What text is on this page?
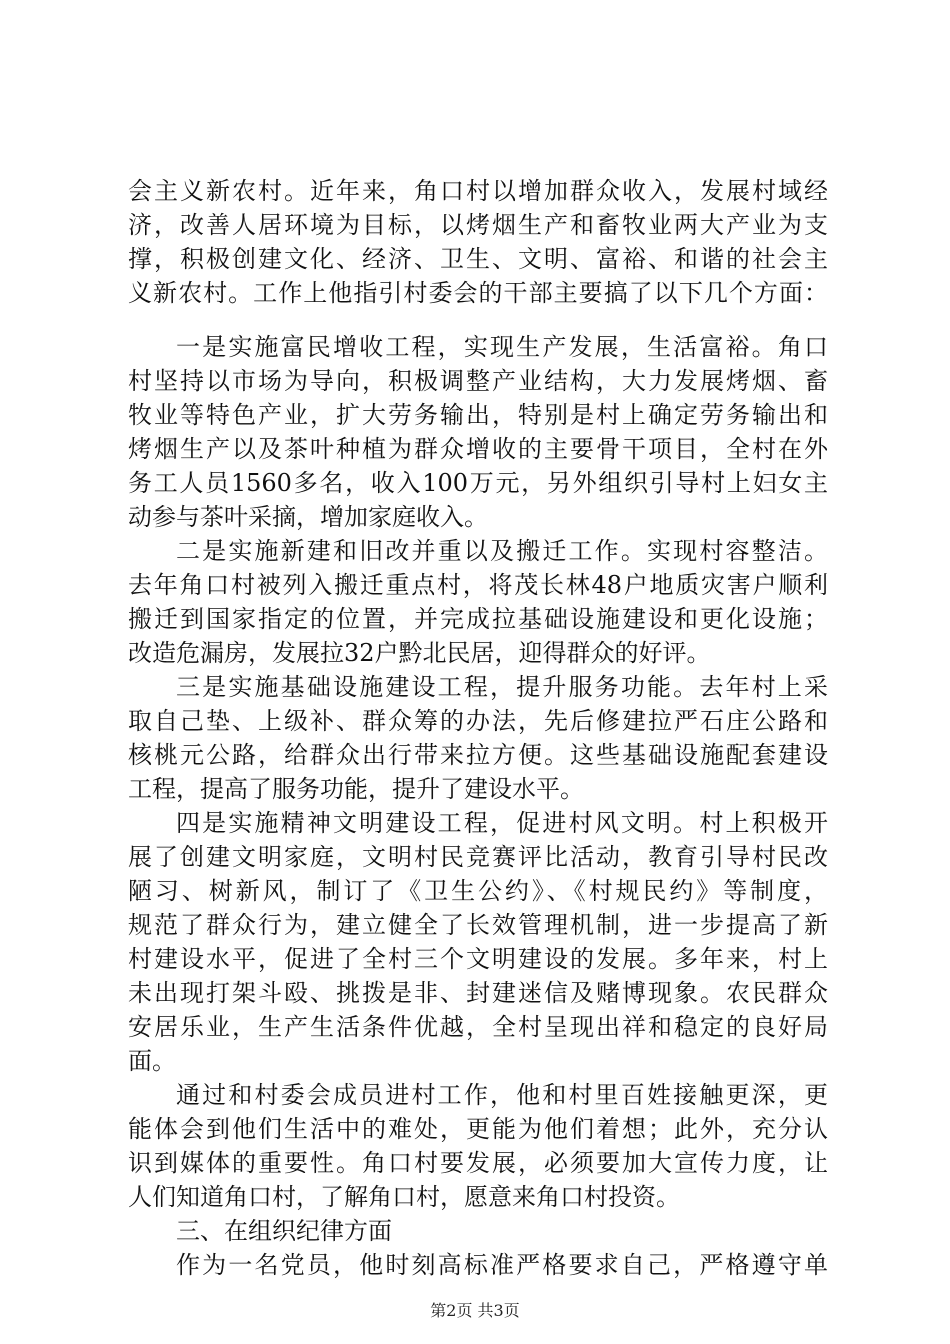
会主义新农村。近年来，角口村以增加群众收入，发展村域经
济，改善人居环境为目标，以烤烟生产和畜牧业两大产业为支
撑，积极创建文化、经济、卫生、文明、富裕、和谐的社会主
义新农村。工作上他指引村委会的干部主要搞了以下几个方面：
一是实施富民增收工程，实现生产发展，生活富裕。角口
村坚持以市场为导向，积极调整产业结构，大力发展烤烟、畜
牧业等特色产业，扩大劳务输出，特别是村上确定劳务输出和
烤烟生产以及茶叶种植为群众增收的主要骨干项目，全村在外
务工人员1560多名，收入100万元，另外组织引导村上妇女主
动参与茶叶采摘，增加家庭收入。
二是实施新建和旧改并重以及搬迁工作。实现村容整洁。
去年角口村被列入搬迁重点村，将茂长林48户地质灾害户顺利
搬迁到国家指定的位置，并完成拉基础设施建设和更化设施；
改造危漏房，发展拉32户黔北民居，迎得群众的好评。
三是实施基础设施建设工程，提升服务功能。去年村上采
取自己垫、上级补、群众筹的办法，先后修建拉严石庄公路和
核桃元公路，给群众出行带来拉方便。这些基础设施配套建设
工程，提高了服务功能，提升了建设水平。
四是实施精神文明建设工程，促进村风文明。村上积极开
展了创建文明家庭，文明村民竞赛评比活动，教育引导村民改
陋习、树新风，制订了《卫生公约》、《村规民约》等制度，
规范了群众行为，建立健全了长效管理机制，进一步提高了新
村建设水平，促进了全村三个文明建设的发展。多年来，村上
未出现打架斗殴、挑拨是非、封建迷信及赌博现象。农民群众
安居乐业，生产生活条件优越，全村呈现出祥和稳定的良好局
面。
通过和村委会成员进村工作，他和村里百姓接触更深，更
能体会到他们生活中的难处，更能为他们着想；此外，充分认
识到媒体的重要性。角口村要发展，必须要加大宣传力度，让
人们知道角口村，了解角口村，愿意来角口村投资。
三、在组织纪律方面
作为一名党员，他时刻高标准严格要求自己，严格遵守单
第2页 共3页
